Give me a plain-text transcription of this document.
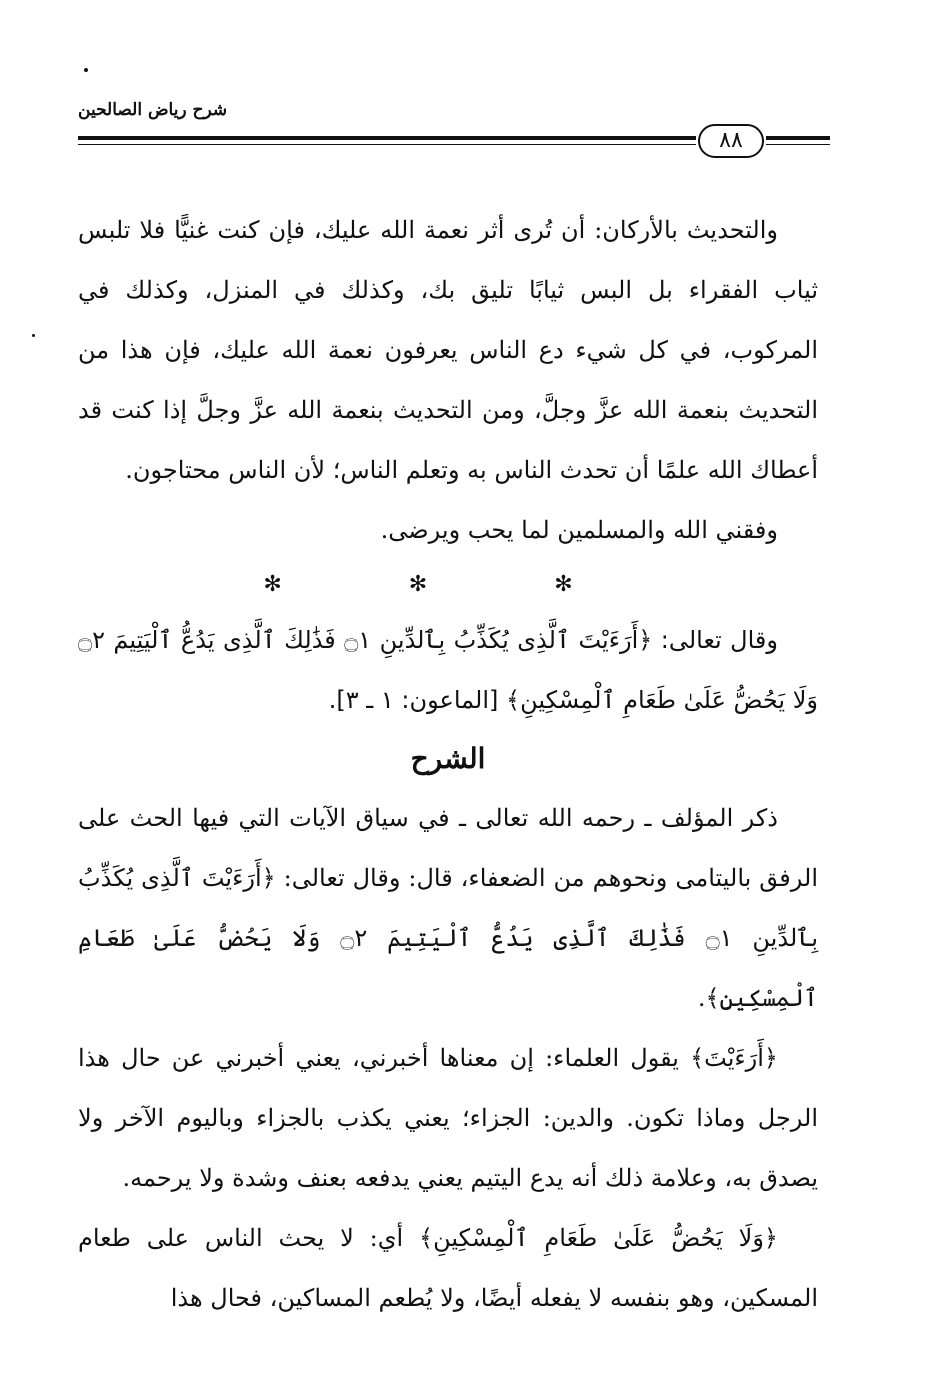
شرح رياض الصالحين
٨٨

والتحديث بالأركان: أن تُرى أثر نعمة الله عليك، فإن كنت غنيًّا فلا تلبس ثياب الفقراء بل البس ثيابًا تليق بك، وكذلك في المنزل، وكذلك في المركوب، في كل شيء دع الناس يعرفون نعمة الله عليك، فإن هذا من التحديث بنعمة الله عزَّ وجلَّ، ومن التحديث بنعمة الله عزَّ وجلَّ إذا كنت قد أعطاك الله علمًا أن تحدث الناس به وتعلم الناس؛ لأن الناس محتاجون.

وفقني الله والمسلمين لما يحب ويرضى.

✻ ✻ ✻

وقال تعالى: ﴿أَرَءَيْتَ ٱلَّذِى يُكَذِّبُ بِٱلدِّينِ ۝١ فَذَٰلِكَ ٱلَّذِى يَدُعُّ ٱلْيَتِيمَ ۝٢ وَلَا يَحُضُّ عَلَىٰ طَعَامِ ٱلْمِسْكِينِ﴾ [الماعون: ١ ـ ٣].

الشرح

ذكر المؤلف ـ رحمه الله تعالى ـ في سياق الآيات التي فيها الحث على الرفق باليتامى ونحوهم من الضعفاء، قال: وقال تعالى: ﴿أَرَءَيْتَ ٱلَّذِى يُكَذِّبُ بِٱلدِّينِ ۝١ فَذَٰلِكَ ٱلَّذِى يَدُعُّ ٱلْيَتِيمَ ۝٢ وَلَا يَحُضُّ عَلَىٰ طَعَامِ ٱلْمِسْكِينِ﴾.

﴿أَرَءَيْتَ﴾ يقول العلماء: إن معناها أخبرني، يعني أخبرني عن حال هذا الرجل وماذا تكون. والدين: الجزاء؛ يعني يكذب بالجزاء وباليوم الآخر ولا يصدق به، وعلامة ذلك أنه يدع اليتيم يعني يدفعه بعنف وشدة ولا يرحمه.

﴿وَلَا يَحُضُّ عَلَىٰ طَعَامِ ٱلْمِسْكِينِ﴾ أي: لا يحث الناس على طعام المسكين، وهو بنفسه لا يفعله أيضًا، ولا يُطعم المساكين، فحال هذا
